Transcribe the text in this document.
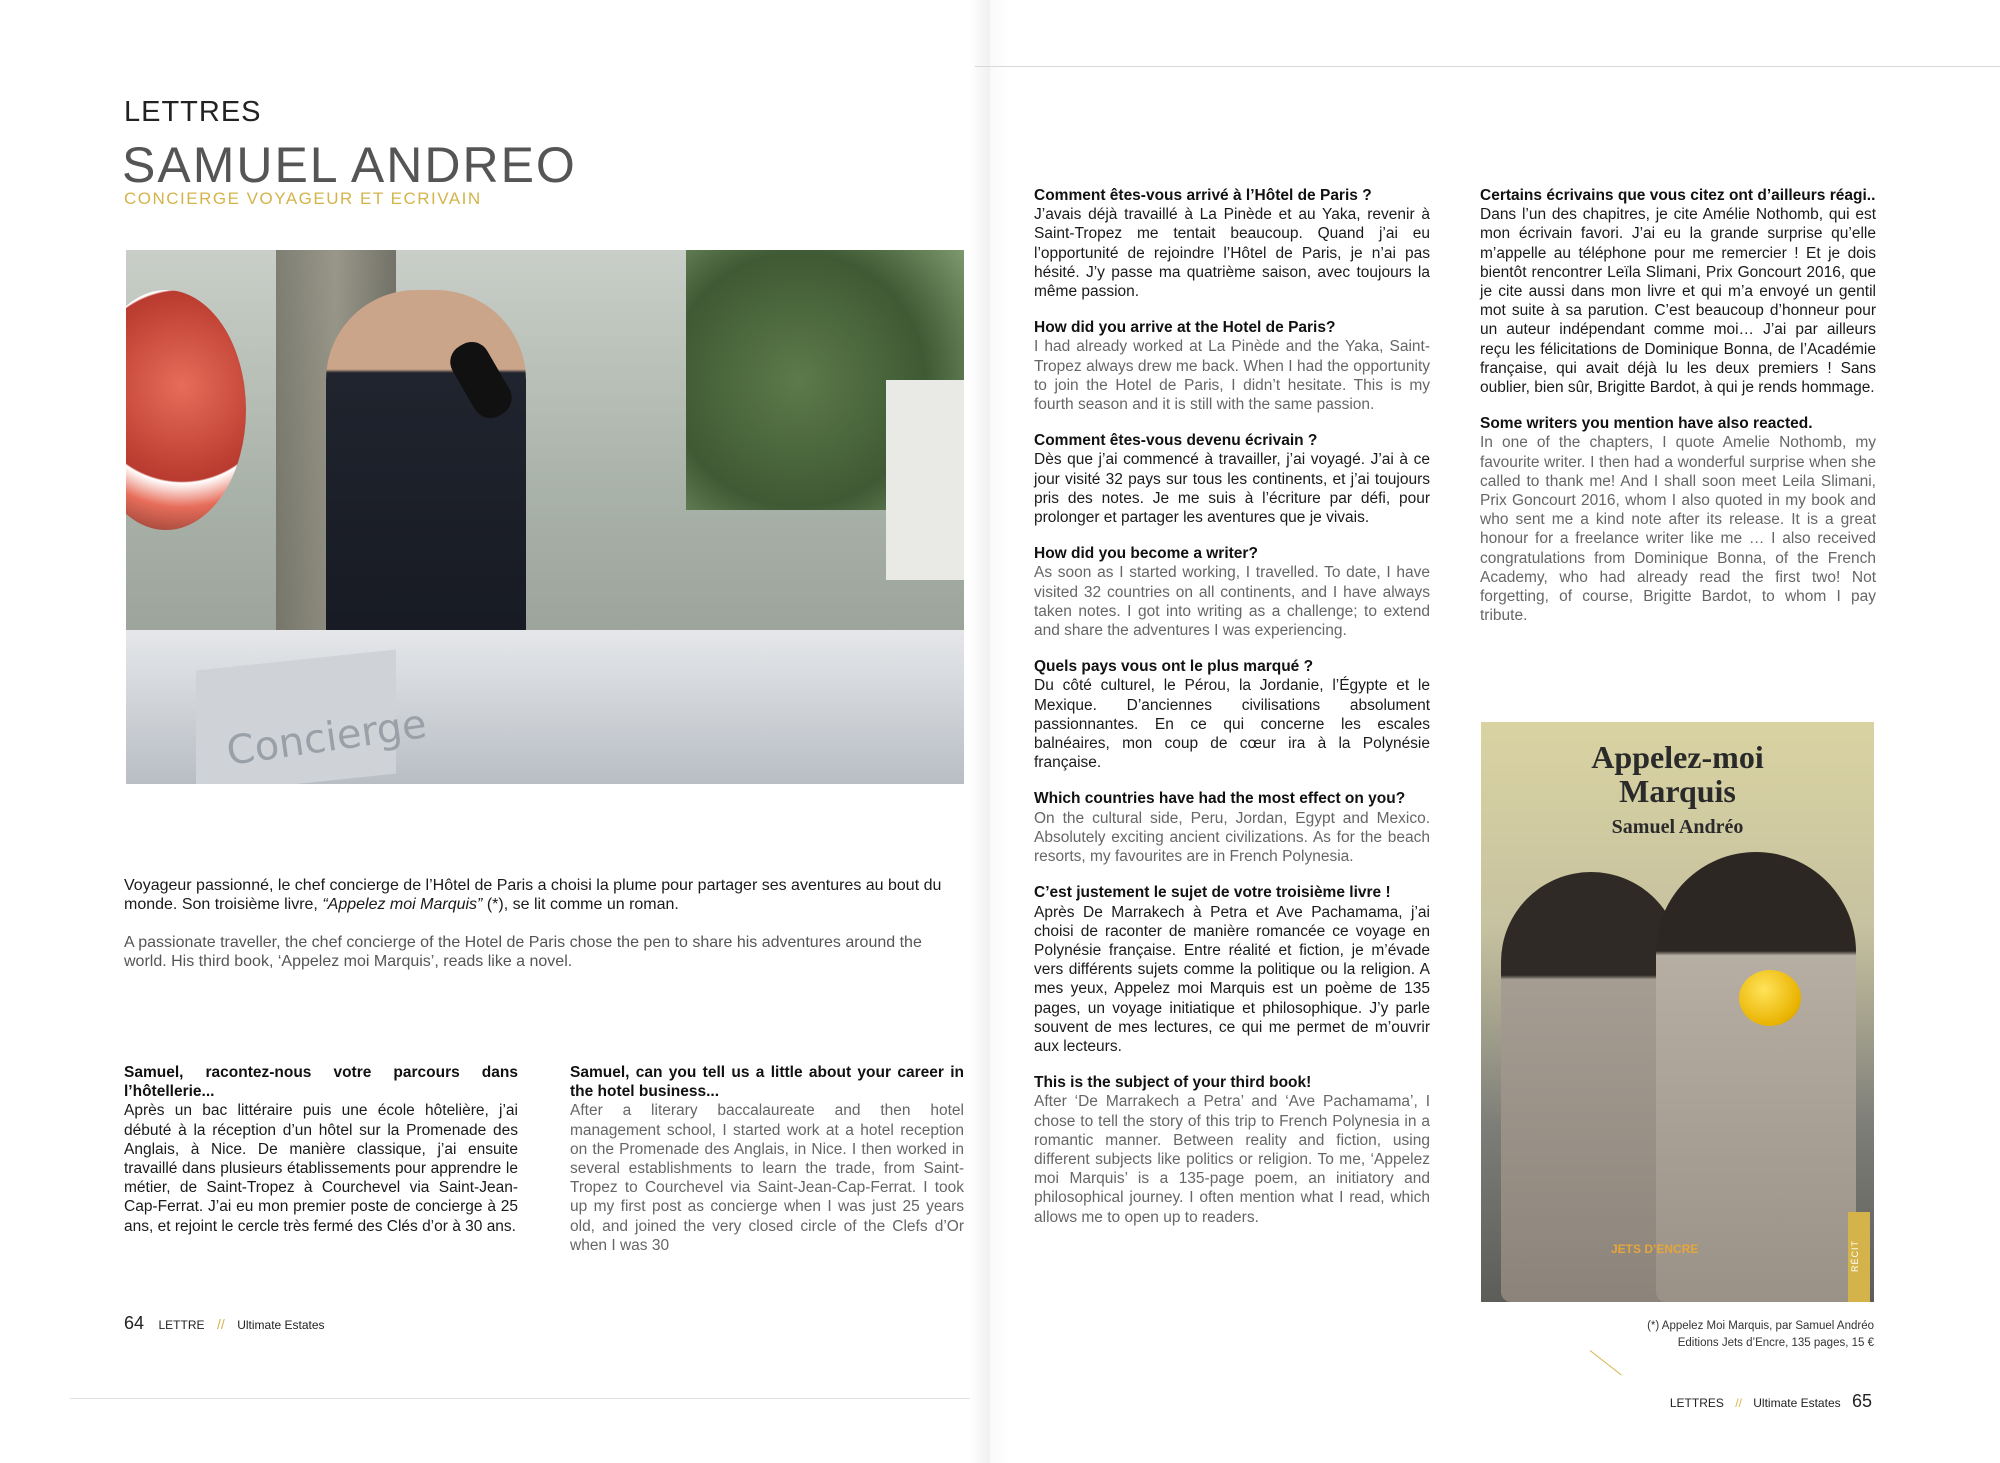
LETTRES
SAMUEL ANDREO
CONCIERGE VOYAGEUR ET ECRIVAIN
Concierge
Voyageur passionné, le chef concierge de l’Hôtel de Paris a choisi la plume pour partager ses aventures au bout du monde. Son troisième livre, “Appelez moi Marquis” (*), se lit comme un roman.
A passionate traveller, the chef concierge of the Hotel de Paris chose the pen to share his adventures around the world. His third book, ‘Appelez moi Marquis’, reads like a novel.

Samuel, racontez-nous votre parcours dans l’hôtellerie...

Après un bac littéraire puis une école hôtelière, j’ai débuté à la réception d’un hôtel sur la Promenade des Anglais, à Nice. De manière classique, j’ai ensuite travaillé dans plusieurs établissements pour apprendre le métier, de Saint-Tropez à Courchevel via Saint-Jean-Cap-Ferrat. J’ai eu mon premier poste de concierge à 25 ans, et rejoint le cercle très fermé des Clés d’or à 30 ans.

Samuel, can you tell us a little about your career in the hotel business...

After a literary baccalaureate and then hotel management school, I started work at a hotel reception on the Promenade des Anglais, in Nice. I then worked in several establishments to learn the trade, from Saint-Tropez to Courchevel via Saint-Jean-Cap-Ferrat. I took up my first post as concierge when I was just 25 years old, and joined the very closed circle of the Clefs d’Or when I was 30

Comment êtes-vous arrivé à l’Hôtel de Paris ?

J’avais déjà travaillé à La Pinède et au Yaka, revenir à Saint-Tropez me tentait beaucoup. Quand j’ai eu l’opportunité de rejoindre l’Hôtel de Paris, je n’ai pas hésité. J’y passe ma quatrième saison, avec toujours la même passion.

How did you arrive at the Hotel de Paris?

I had already worked at La Pinède and the Yaka, Saint-Tropez always drew me back. When I had the opportunity to join the Hotel de Paris, I didn’t hesitate. This is my fourth season and it is still with the same passion.

Comment êtes-vous devenu écrivain ?

Dès que j’ai commencé à travailler, j’ai voyagé. J’ai à ce jour visité 32 pays sur tous les continents, et j’ai toujours pris des notes. Je me suis à l’écriture par défi, pour prolonger et partager les aventures que je vivais.

How did you become a writer?

As soon as I started working, I travelled. To date, I have visited 32 countries on all continents, and I have always taken notes. I got into writing as a challenge; to extend and share the adventures I was experiencing.

Quels pays vous ont le plus marqué ?

Du côté culturel, le Pérou, la Jordanie, l’Égypte et le Mexique. D’anciennes civilisations absolument passionnantes. En ce qui concerne les escales balnéaires, mon coup de cœur ira à la Polynésie française.

Which countries have had the most effect on you?

On the cultural side, Peru, Jordan, Egypt and Mexico. Absolutely exciting ancient civilizations. As for the beach resorts, my favourites are in French Polynesia.

C’est justement le sujet de votre troisième livre !

Après De Marrakech à Petra et Ave Pachamama, j’ai choisi de raconter de manière romancée ce voyage en Polynésie française. Entre réalité et fiction, je m’évade vers différents sujets comme la politique ou la religion. A mes yeux, Appelez moi Marquis est un poème de 135 pages, un voyage initiatique et philosophique. J’y parle souvent de mes lectures, ce qui me permet de m’ouvrir aux lecteurs.

This is the subject of your third book!

After ‘De Marrakech a Petra’ and ‘Ave Pachamama’, I chose to tell the story of this trip to French Polynesia in a romantic manner. Between reality and fiction, using different subjects like politics or religion. To me, ‘Appelez moi Marquis’ is a 135-page poem, an initiatory and philosophical journey. I often mention what I read, which allows me to open up to readers.

Certains écrivains que vous citez ont d’ailleurs réagi..

Dans l’un des chapitres, je cite Amélie Nothomb, qui est mon écrivain favori. J’ai eu la grande surprise qu’elle m’appelle au téléphone pour me remercier ! Et je dois bientôt rencontrer Leïla Slimani, Prix Goncourt 2016, que je cite aussi dans mon livre et qui m’a envoyé un gentil mot suite à sa parution. C’est beaucoup d’honneur pour un auteur indépendant comme moi… J’ai par ailleurs reçu les félicitations de Dominique Bonna, de l’Académie française, qui avait déjà lu les deux premiers ! Sans oublier, bien sûr, Brigitte Bardot, à qui je rends hommage.

Some writers you mention have also reacted.

In one of the chapters, I quote Amelie Nothomb, my favourite writer. I then had a wonderful surprise when she called to thank me! And I shall soon meet Leila Slimani, Prix Goncourt 2016, whom I also quoted in my book and who sent me a kind note after its release. It is a great honour for a freelance writer like me … I also received congratulations from Dominique Bonna, of the French Academy, who had already read the first two! Not forgetting, of course, Brigitte Bardot, to whom I pay tribute.

Appelez-moi
Marquis
Samuel Andréo
JETS D’ENCRE	RÉCIT
(*) Appelez Moi Marquis, par Samuel Andréo
Editions Jets d’Encre, 135 pages, 15 €
64 LETTRE // Ultimate Estates
LETTRES // Ultimate Estates 65
